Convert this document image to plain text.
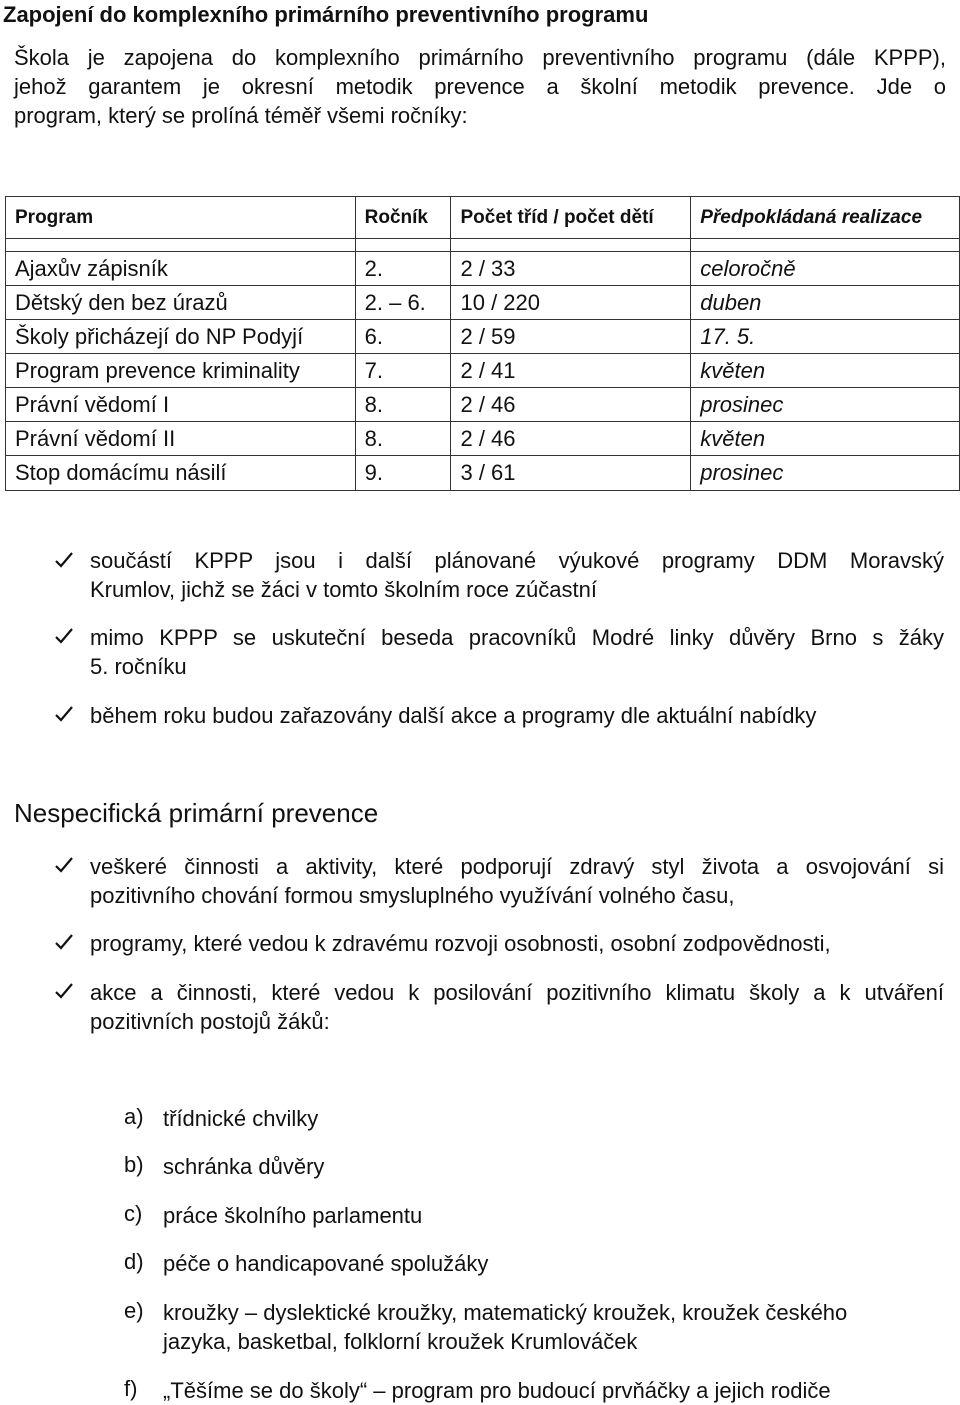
Zapojení do komplexního primárního preventivního programu
Škola je zapojena do komplexního primárního preventivního programu (dále KPPP),
jehož garantem je okresní metodik prevence a školní metodik prevence. Jde o
program, který se prolíná téměř všemi ročníky:
Program	Ročník	Počet tříd / počet dětí	Předpokládaná realizace

Ajaxův zápisník	2.	2 / 33	celoročně
Dětský den bez úrazů	2. – 6.	10 / 220	duben
Školy přicházejí do NP Podyjí	6.	2 / 59	17. 5.
Program prevence kriminality	7.	2 / 41	květen
Právní vědomí I	8.	2 / 46	prosinec
Právní vědomí II	8.	2 / 46	květen
Stop domácímu násilí	9.	3 / 61	prosinec
součástí KPPP jsou i další plánované výukové programy DDM Moravský
Krumlov, jichž se žáci v tomto školním roce zúčastní
mimo KPPP se uskuteční beseda pracovníků Modré linky důvěry Brno s žáky
5. ročníku
během roku budou zařazovány další akce a programy dle aktuální nabídky
Nespecifická primární prevence
veškeré činnosti a aktivity, které podporují zdravý styl života a osvojování si
pozitivního chování formou smysluplného využívání volného času,
programy, které vedou k zdravému rozvoji osobnosti, osobní zodpovědnosti,
akce a činnosti, které vedou k posilování pozitivního klimatu školy a k utváření
pozitivních postojů žáků:
a) třídnické chvilky
b) schránka důvěry
c) práce školního parlamentu
d) péče o handicapované spolužáky
e) kroužky – dyslektické kroužky, matematický kroužek, kroužek českého
jazyka, basketbal, folklorní kroužek Krumlováček
f) „Těšíme se do školy“ – program pro budoucí prvňáčky a jejich rodiče
